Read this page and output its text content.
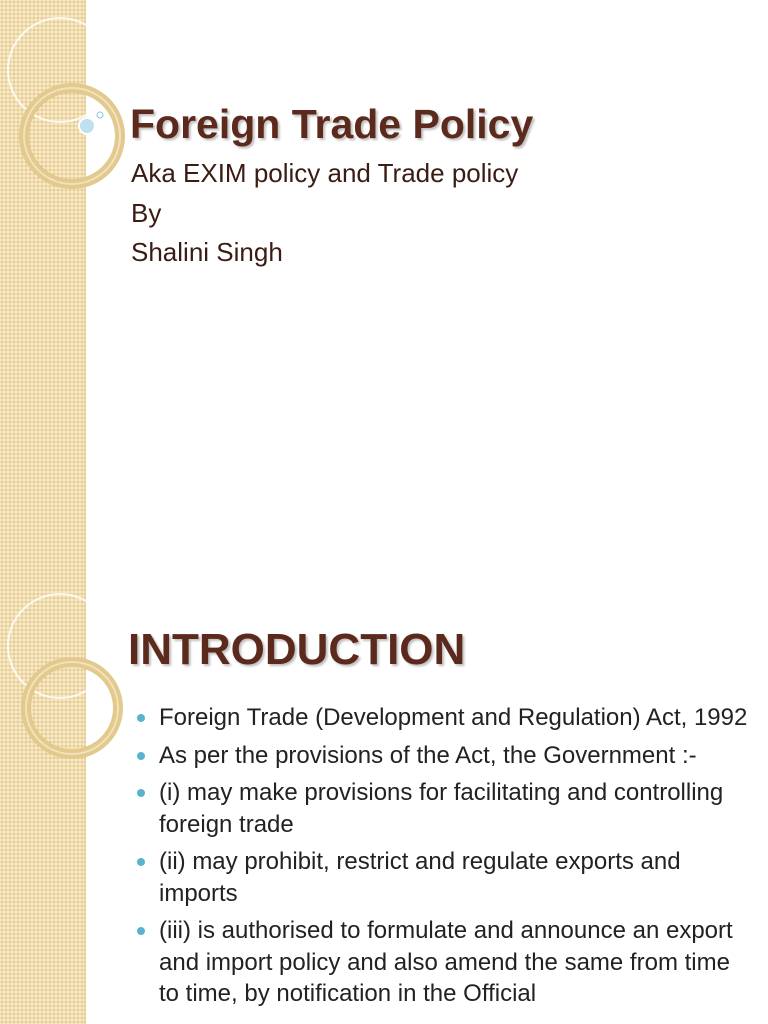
Foreign Trade Policy
Aka EXIM policy and Trade policy
By
Shalini Singh
INTRODUCTION
Foreign Trade (Development and Regulation) Act, 1992
As per the provisions of the Act, the Government :-
(i) may make provisions for facilitating and controlling foreign trade
(ii) may prohibit, restrict and regulate exports and imports
(iii) is authorised to formulate and announce an export and import policy and also amend the same from time to time, by notification in the Official
